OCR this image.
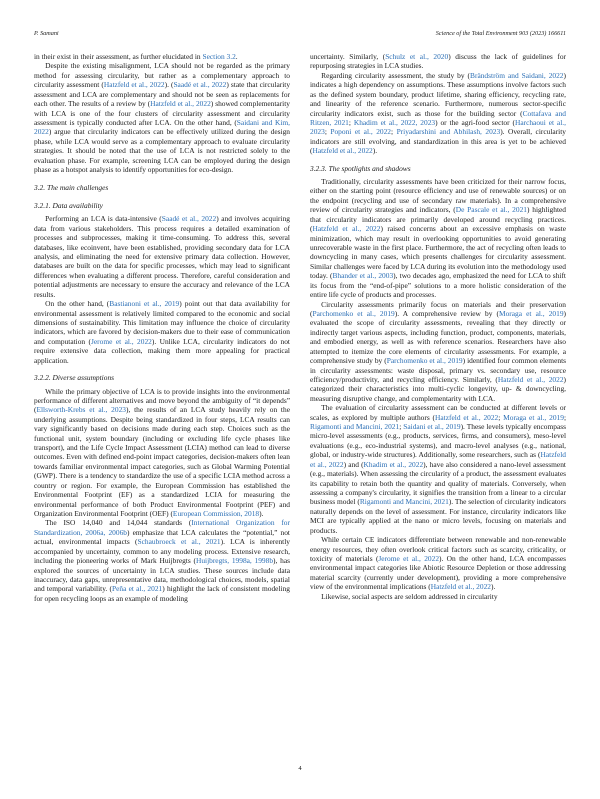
P. Samani	Science of the Total Environment 903 (2023) 166611

in their exist in their assessment, as further elucidated in Section 3.2.

Despite the existing misalignment, LCA should not be regarded as the primary method for assessing circularity, but rather as a complementary approach to circularity assessment (Hatzfeld et al., 2022). (Saadé et al., 2022) state that circularity assessment and LCA are complementary and should not be seen as replacements for each other. The results of a review by (Hatzfeld et al., 2022) showed complementarity with LCA is one of the four clusters of circularity assessment and circularity assessment is typically conducted after LCA. On the other hand, (Saidani and Kim, 2022) argue that circularity indicators can be effectively utilized during the design phase, while LCA would serve as a complementary approach to evaluate circularity strategies. It should be noted that the use of LCA is not restricted solely to the evaluation phase. For example, screening LCA can be employed during the design phase as a hotspot analysis to identify opportunities for eco-design.

3.2. The main challenges
3.2.1. Data availability

Performing an LCA is data-intensive (Saadé et al., 2022) and involves acquiring data from various stakeholders. This process requires a detailed examination of processes and subprocesses, making it time-consuming. To address this, several databases, like ecoinvent, have been established, providing secondary data for LCA analysis, and eliminating the need for extensive primary data collection. However, databases are built on the data for specific processes, which may lead to significant differences when evaluating a different process. Therefore, careful consideration and potential adjustments are necessary to ensure the accuracy and relevance of the LCA results.

On the other hand, (Bastianoni et al., 2019) point out that data availability for environmental assessment is relatively limited compared to the economic and social dimensions of sustainability. This limitation may influence the choice of circularity indicators, which are favored by decision-makers due to their ease of communication and computation (Jerome et al., 2022). Unlike LCA, circularity indicators do not require extensive data collection, making them more appealing for practical application.

3.2.2. Diverse assumptions

While the primary objective of LCA is to provide insights into the environmental performance of different alternatives and move beyond the ambiguity of “it depends” (Ellsworth-Krebs et al., 2023), the results of an LCA study heavily rely on the underlying assumptions. Despite being standardized in four steps, LCA results can vary significantly based on decisions made during each step. Choices such as the functional unit, system boundary (including or excluding life cycle phases like transport), and the Life Cycle Impact Assessment (LCIA) method can lead to diverse outcomes. Even with defined end-point impact categories, decision-makers often lean towards familiar environmental impact categories, such as Global Warming Potential (GWP). There is a tendency to standardize the use of a specific LCIA method across a country or region. For example, the European Commission has established the Environmental Footprint (EF) as a standardized LCIA for measuring the environmental performance of both Product Environmental Footprint (PEF) and Organization Environmental Footprint (OEF) (European Commission, 2018).

The ISO 14,040 and 14,044 standards (International Organization for Standardization, 2006a, 2006b) emphasize that LCA calculates the “potential,” not actual, environmental impacts (Schaubroeck et al., 2021). LCA is inherently accompanied by uncertainty, common to any modeling process. Extensive research, including the pioneering works of Mark Huijbregts (Huijbregts, 1998a, 1998b), has explored the sources of uncertainty in LCA studies. These sources include data inaccuracy, data gaps, unrepresentative data, methodological choices, models, spatial and temporal variability. (Peña et al., 2021) highlight the lack of consistent modeling for open recycling loops as an example of modeling

uncertainty. Similarly, (Schulz et al., 2020) discuss the lack of guidelines for repurposing strategies in LCA studies.

Regarding circularity assessment, the study by (Brändström and Saidani, 2022) indicates a high dependency on assumptions. These assumptions involve factors such as the defined system boundary, product lifetime, sharing efficiency, recycling rate, and linearity of the reference scenario. Furthermore, numerous sector-specific circularity indicators exist, such as those for the building sector (Cottafava and Ritzen, 2021; Khadim et al., 2022, 2023) or the agri-food sector (Harchaoui et al., 2023; Poponi et al., 2022; Priyadarshini and Abhilash, 2023). Overall, circularity indicators are still evolving, and standardization in this area is yet to be achieved (Hatzfeld et al., 2022).

3.2.3. The spotlights and shadows

Traditionally, circularity assessments have been criticized for their narrow focus, either on the starting point (resource efficiency and use of renewable sources) or on the endpoint (recycling and use of secondary raw materials). In a comprehensive review of circularity strategies and indicators, (De Pascale et al., 2021) highlighted that circularity indicators are primarily developed around recycling practices. (Hatzfeld et al., 2022) raised concerns about an excessive emphasis on waste minimization, which may result in overlooking opportunities to avoid generating unrecoverable waste in the first place. Furthermore, the act of recycling often leads to downcycling in many cases, which presents challenges for circularity assessment. Similar challenges were faced by LCA during its evolution into the methodology used today. (Bhander et al., 2003), two decades ago, emphasized the need for LCA to shift its focus from the “end-of-pipe” solutions to a more holistic consideration of the entire life cycle of products and processes.

Circularity assessments primarily focus on materials and their preservation (Parchomenko et al., 2019). A comprehensive review by (Moraga et al., 2019) evaluated the scope of circularity assessments, revealing that they directly or indirectly target various aspects, including function, product, components, materials, and embodied energy, as well as with reference scenarios. Researchers have also attempted to itemize the core elements of circularity assessments. For example, a comprehensive study by (Parchomenko et al., 2019) identified four common elements in circularity assessments: waste disposal, primary vs. secondary use, resource efficiency/productivity, and recycling efficiency. Similarly, (Hatzfeld et al., 2022) categorized their characteristics into multi-cyclic longevity, up- & downcycling, measuring disruptive change, and complementarity with LCA.

The evaluation of circularity assessment can be conducted at different levels or scales, as explored by multiple authors (Hatzfeld et al., 2022; Moraga et al., 2019; Rigamonti and Mancini, 2021; Saidani et al., 2019). These levels typically encompass micro-level assessments (e.g., products, services, firms, and consumers), meso-level evaluations (e.g., eco-industrial systems), and macro-level analyses (e.g., national, global, or industry-wide structures). Additionally, some researchers, such as (Hatzfeld et al., 2022) and (Khadim et al., 2022), have also considered a nano-level assessment (e.g., materials). When assessing the circularity of a product, the assessment evaluates its capability to retain both the quantity and quality of materials. Conversely, when assessing a company's circularity, it signifies the transition from a linear to a circular business model (Rigamonti and Mancini, 2021). The selection of circularity indicators naturally depends on the level of assessment. For instance, circularity indicators like MCI are typically applied at the nano or micro levels, focusing on materials and products.

While certain CE indicators differentiate between renewable and non-renewable energy resources, they often overlook critical factors such as scarcity, criticality, or toxicity of materials (Jerome et al., 2022). On the other hand, LCA encompasses environmental impact categories like Abiotic Resource Depletion or those addressing material scarcity (currently under development), providing a more comprehensive view of the environmental implications (Hatzfeld et al., 2022).

Likewise, social aspects are seldom addressed in circularity

4
